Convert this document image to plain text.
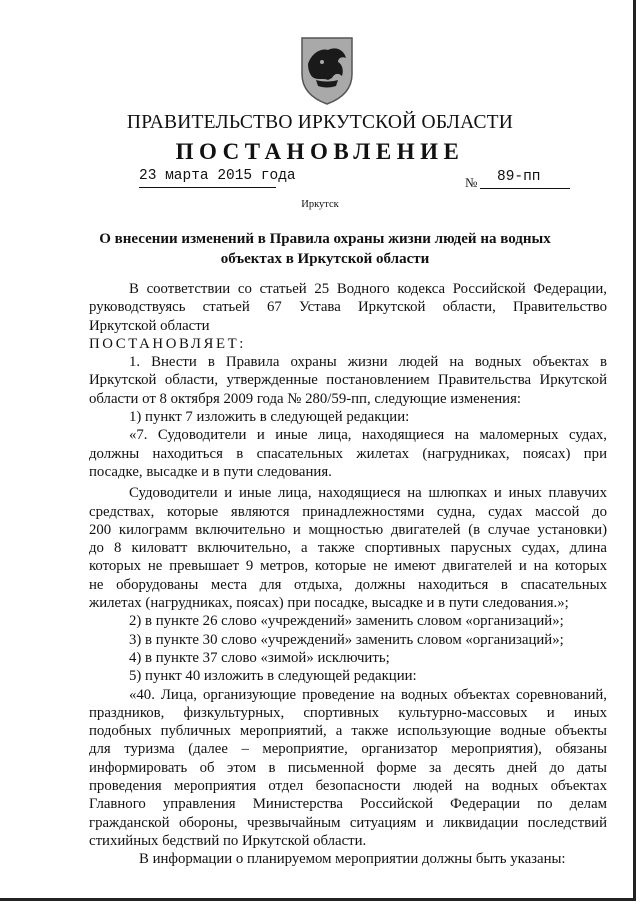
ПРАВИТЕЛЬСТВО ИРКУТСКОЙ ОБЛАСТИ
ПОСТАНОВЛЕНИЕ
23 марта 2015 года	№ 89-пп
Иркутск
О внесении изменений в Правила охраны жизни людей на водных
объектах в Иркутской области
В соответствии со статьей 25 Водного кодекса Российской Федерации,
руководствуясь статьей 67 Устава Иркутской области, Правительство
Иркутской области
ПОСТАНОВЛЯЕТ:
1. Внести в Правила охраны жизни людей на водных объектах в
Иркутской области, утвержденные постановлением Правительства Иркутской
области от 8 октября 2009 года № 280/59-пп, следующие изменения:
1) пункт 7 изложить в следующей редакции:
«7. Судоводители и иные лица, находящиеся на маломерных судах,
должны находиться в спасательных жилетах (нагрудниках, поясах) при
посадке, высадке и в пути следования.
Судоводители и иные лица, находящиеся на шлюпках и иных плавучих
средствах, которые являются принадлежностями судна, судах массой до
200 килограмм включительно и мощностью двигателей (в случае установки)
до 8 киловатт включительно, а также спортивных парусных судах, длина
которых не превышает 9 метров, которые не имеют двигателей и на которых
не оборудованы места для отдыха, должны находиться в спасательных
жилетах (нагрудниках, поясах) при посадке, высадке и в пути следования.»;
2) в пункте 26 слово «учреждений» заменить словом «организаций»;
3) в пункте 30 слово «учреждений» заменить словом «организаций»;
4) в пункте 37 слово «зимой» исключить;
5) пункт 40 изложить в следующей редакции:
«40. Лица, организующие проведение на водных объектах соревнований,
праздников, физкультурных, спортивных культурно-массовых и иных
подобных публичных мероприятий, а также использующие водные объекты
для туризма (далее – мероприятие, организатор мероприятия), обязаны
информировать об этом в письменной форме за десять дней до даты
проведения мероприятия отдел безопасности людей на водных объектах
Главного управления Министерства Российской Федерации по делам
гражданской обороны, чрезвычайным ситуациям и ликвидации последствий
стихийных бедствий по Иркутской области.
В информации о планируемом мероприятии должны быть указаны:
